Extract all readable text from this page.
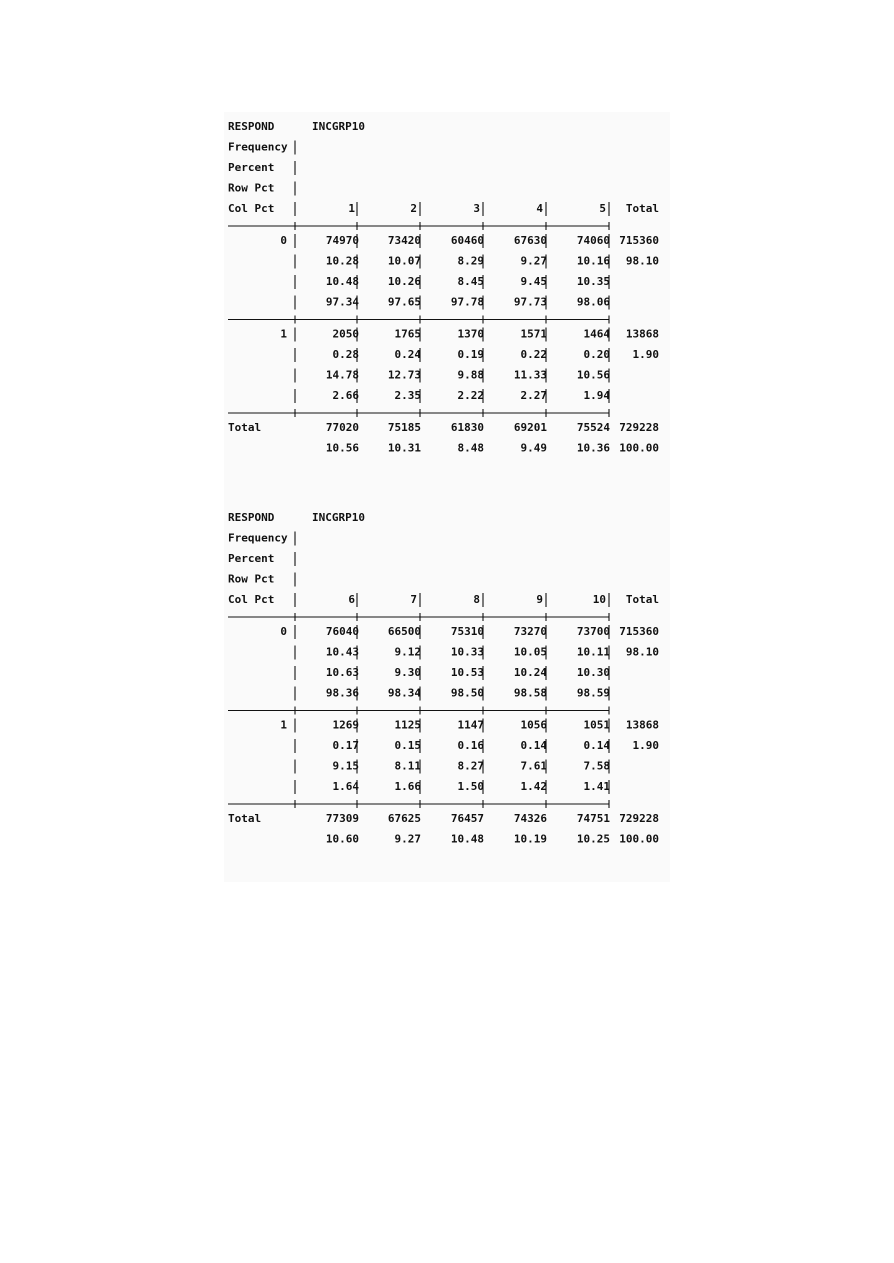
RESPOND	INCGRP10
Frequency
Percent
Row Pct
Col Pct	1	2	3	4	5 Total
0	74970	73420	60460	67630	74060 715360
10.28	10.07	8.29	9.27	10.16 98.10
10.48	10.26	8.45	9.45	10.35
97.34	97.65	97.78	97.73	98.06
1	2050	1765	1370	1571	1464 13868
0.28	0.24	0.19	0.22	0.20 1.90
14.78	12.73	9.88	11.33	10.56
2.66	2.35	2.22	2.27	1.94
Total	77020	75185	61830	69201	75524 729228
10.56	10.31	8.48	9.49	10.36 100.00
RESPOND	INCGRP10
Frequency
Percent
Row Pct
Col Pct	6	7	8	9	10 Total
0	76040	66500	75310	73270	73700 715360
10.43	9.12	10.33	10.05	10.11 98.10
10.63	9.30	10.53	10.24	10.30
98.36	98.34	98.50	98.58	98.59
1	1269	1125	1147	1056	1051 13868
0.17	0.15	0.16	0.14	0.14 1.90
9.15	8.11	8.27	7.61	7.58
1.64	1.66	1.50	1.42	1.41
Total	77309	67625	76457	74326	74751 729228
10.60	9.27	10.48	10.19	10.25 100.00
